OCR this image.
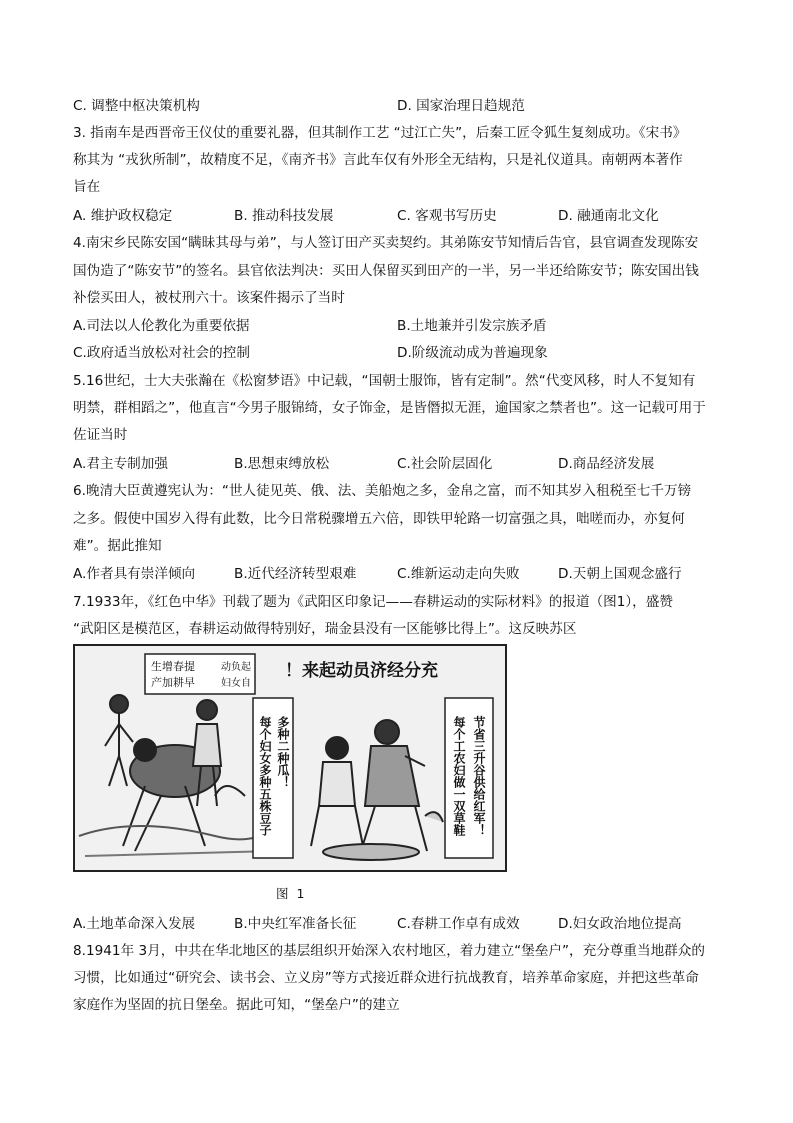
C. 调整中枢决策机构	D. 国家治理日趋规范
3. 指南车是西晋帝王仪仗的重要礼器，但其制作工艺 “过江亡失”，后秦工匠令狐生复刻成功。《宋书》
称其为 “戎狄所制”，故精度不足，《南齐书》言此车仅有外形全无结构，只是礼仪道具。南朝两本著作
旨在
A. 维护政权稳定	B. 推动科技发展	C. 客观书写历史	D. 融通南北文化
4.南宋乡民陈安国“瞒昧其母与弟”，与人签订田产买卖契约。其弟陈安节知情后告官，县官调查发现陈安
国伪造了“陈安节”的签名。县官依法判决：买田人保留买到田产的一半，另一半还给陈安节；陈安国出钱
补偿买田人，被杖刑六十。该案件揭示了当时
A.司法以人伦教化为重要依据	B.土地兼并引发宗族矛盾
C.政府适当放松对社会的控制	D.阶级流动成为普遍现象
5.16世纪，士大夫张瀚在《松窗梦语》中记载，“国朝士服饰，皆有定制”。然“代变风移，时人不复知有
明禁，群相蹈之”，他直言“今男子服锦绮，女子饰金，是皆僭拟无涯，逾国家之禁者也”。这一记载可用于
佐证当时
A.君主专制加强	B.思想束缚放松	C.社会阶层固化	D.商品经济发展
6.晚清大臣黄遵宪认为：“世人徒见英、俄、法、美船炮之多，金帛之富，而不知其岁入租税至七千万镑
之多。假使中国岁入得有此数，比今日常税骤增五六倍，即铁甲轮路一切富强之具，咄嗟而办，亦复何
难”。据此推知
A.作者具有崇洋倾向	B.近代经济转型艰难	C.维新运动走向失败	D.天朝上国观念盛行
7.1933年，《红色中华》刊载了题为《武阳区印象记——春耕运动的实际材料》的报道（图1），盛赞
“武阳区是模范区，春耕运动做得特别好，瑞金县没有一区能够比得上”。这反映苏区
！来起动员济经分充
生增春提
产加耕早
动负起
妇女自
每个妇女多种五株豆子 多种二种瓜！	每个工农妇做一双草鞋 节省三升谷供给红军！
图 1
A.土地革命深入发展	B.中央红军准备长征	C.春耕工作卓有成效	D.妇女政治地位提高
8.1941年 3月，中共在华北地区的基层组织开始深入农村地区，着力建立“堡垒户”，充分尊重当地群众的
习惯，比如通过“研究会、读书会、立义房”等方式接近群众进行抗战教育，培养革命家庭，并把这些革命
家庭作为坚固的抗日堡垒。据此可知，“堡垒户”的建立
